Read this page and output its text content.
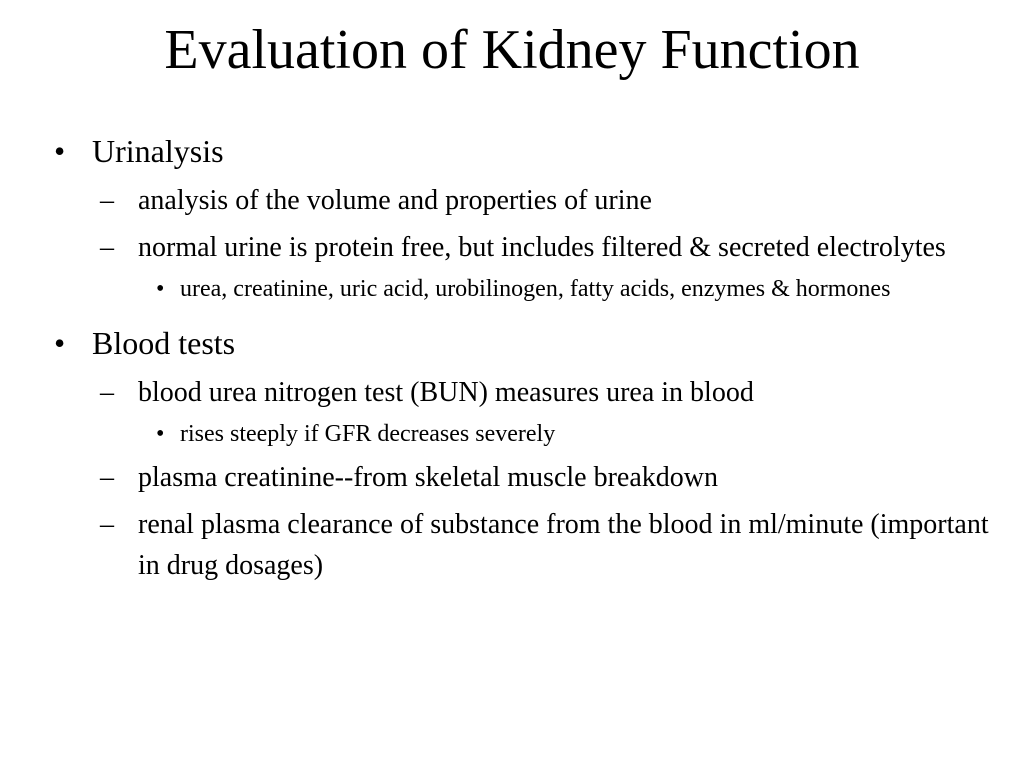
Evaluation of Kidney Function
• Urinalysis
– analysis of the volume and properties of urine
– normal urine is protein free, but includes filtered & secreted electrolytes
• urea, creatinine, uric acid, urobilinogen, fatty acids, enzymes & hormones
• Blood tests
– blood urea nitrogen test (BUN) measures urea in blood
• rises steeply if GFR decreases severely
– plasma creatinine--from skeletal muscle breakdown
– renal plasma clearance of substance from the blood in ml/minute (important in drug dosages)
